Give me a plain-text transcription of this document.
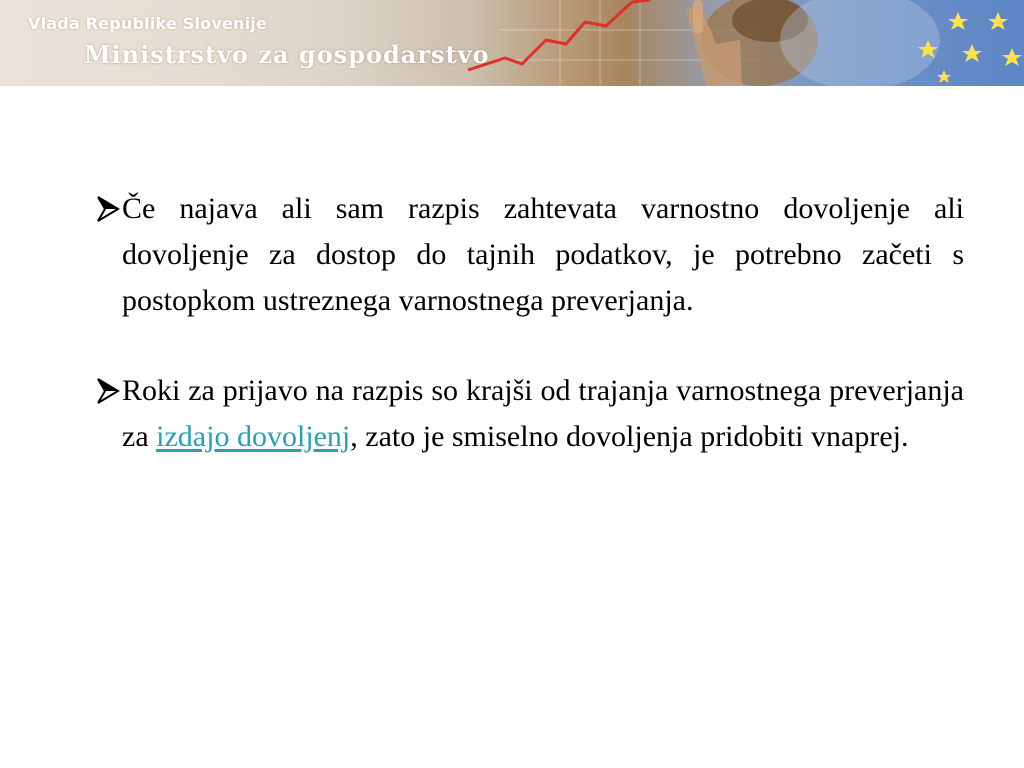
Vlada Republike Slovenije
Ministrstvo za gospodarstvo
Če najava ali sam razpis zahtevata varnostno dovoljenje ali dovoljenje za dostop do tajnih podatkov, je potrebno začeti s postopkom ustreznega varnostnega preverjanja.
Roki za prijavo na razpis so krajši od trajanja varnostnega preverjanja za izdajo dovoljenj, zato je smiselno dovoljenja pridobiti vnaprej.
